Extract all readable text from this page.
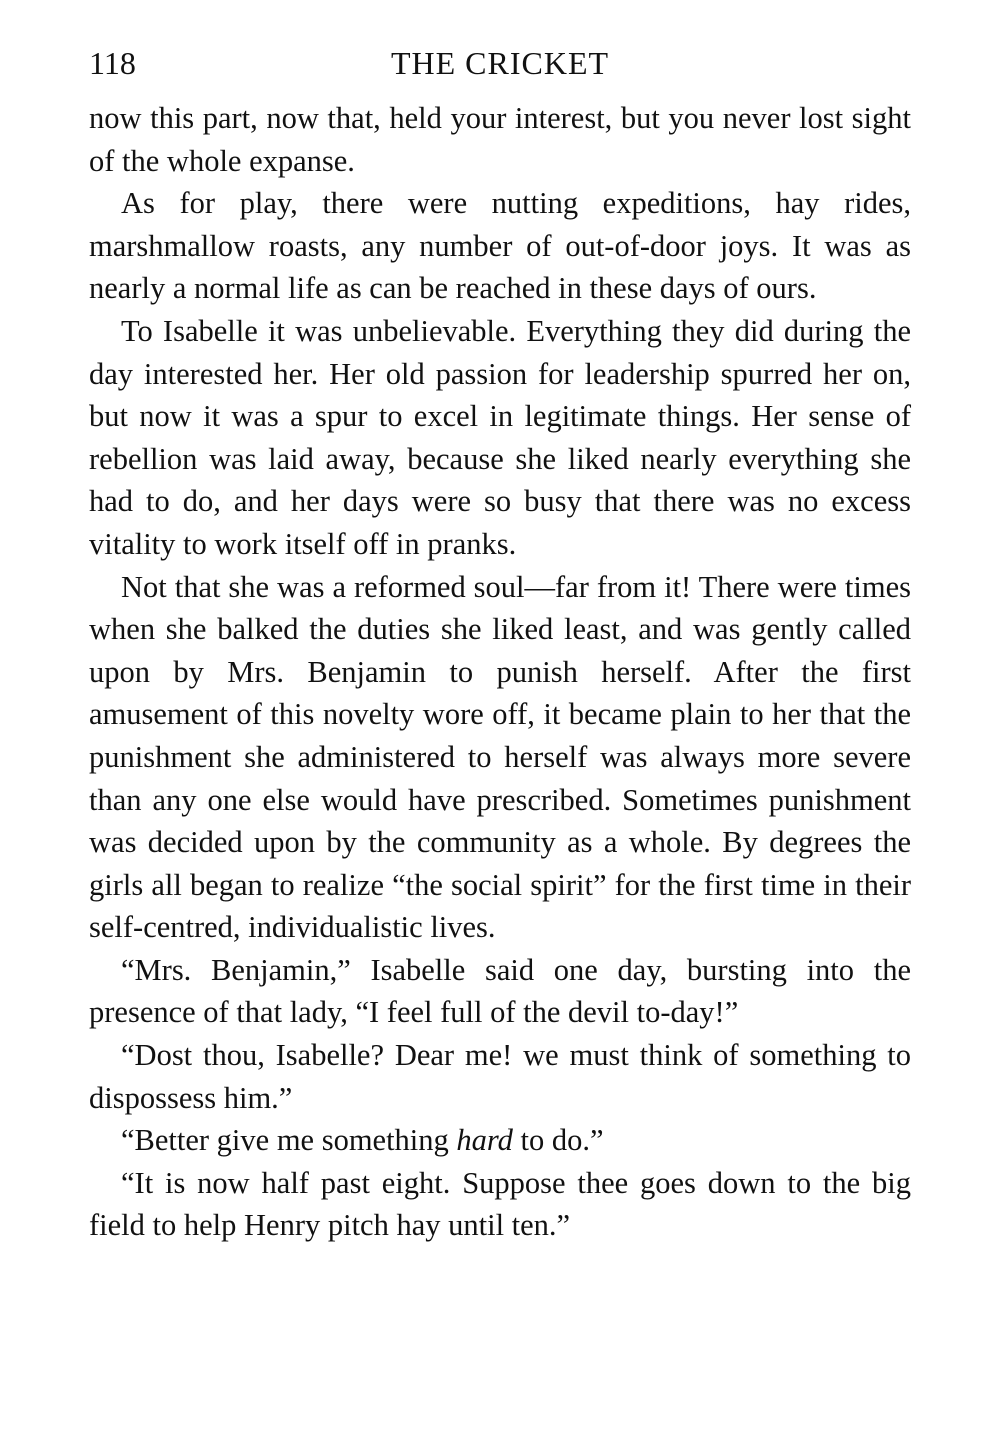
118	THE CRICKET

now this part, now that, held your interest, but you never lost sight of the whole expanse.

As for play, there were nutting expeditions, hay rides, marshmallow roasts, any number of out-of-door joys. It was as nearly a normal life as can be reached in these days of ours.

To Isabelle it was unbelievable. Everything they did during the day interested her. Her old passion for leadership spurred her on, but now it was a spur to excel in legitimate things. Her sense of rebellion was laid away, because she liked nearly everything she had to do, and her days were so busy that there was no excess vitality to work itself off in pranks.

Not that she was a reformed soul—far from it! There were times when she balked the duties she liked least, and was gently called upon by Mrs. Benjamin to punish herself. After the first amusement of this novelty wore off, it became plain to her that the punishment she administered to herself was always more severe than any one else would have prescribed. Sometimes punishment was decided upon by the community as a whole. By degrees the girls all began to realize “the social spirit” for the first time in their self-centred, individualistic lives.

“Mrs. Benjamin,” Isabelle said one day, bursting into the presence of that lady, “I feel full of the devil to-day!”

“Dost thou, Isabelle? Dear me! we must think of something to dispossess him.”

“Better give me something hard to do.”

“It is now half past eight. Suppose thee goes down to the big field to help Henry pitch hay until ten.”
